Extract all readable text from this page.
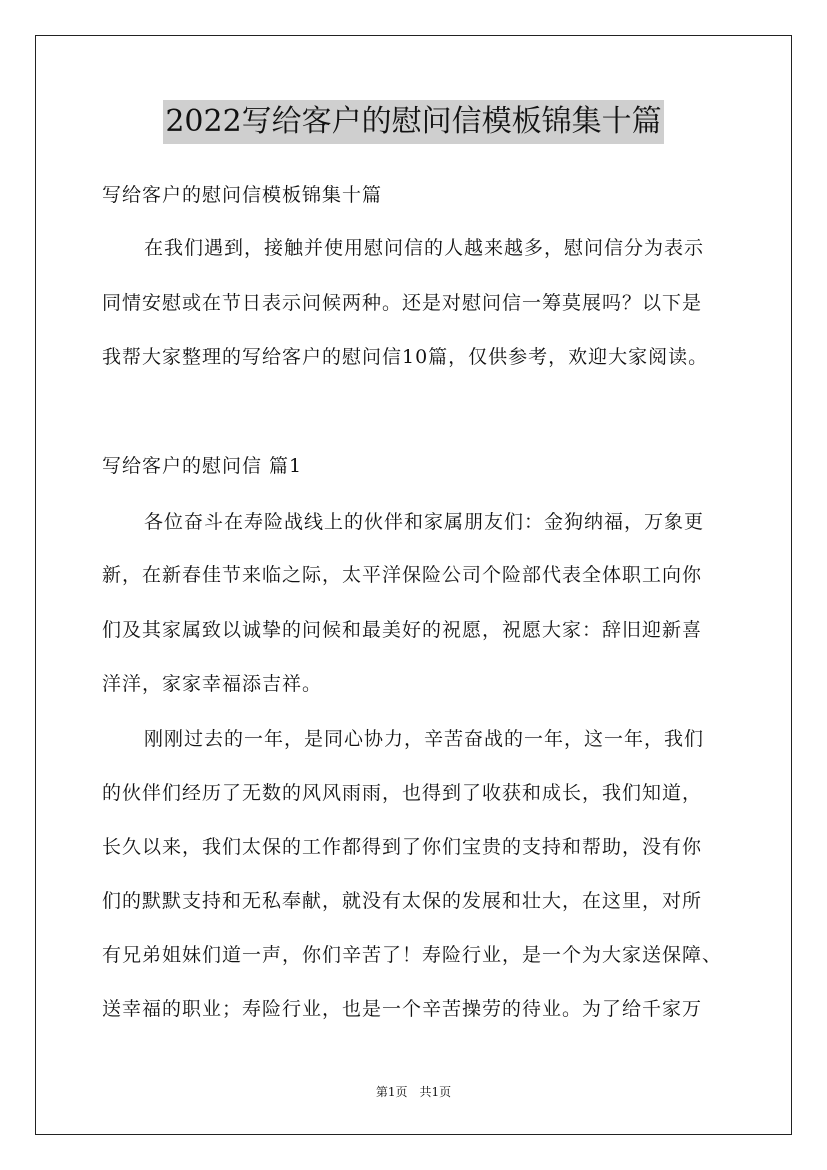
2022写给客户的慰问信模板锦集十篇
写给客户的慰问信模板锦集十篇
在我们遇到，接触并使用慰问信的人越来越多，慰问信分为表示
同情安慰或在节日表示问候两种。还是对慰问信一筹莫展吗？以下是
我帮大家整理的写给客户的慰问信10篇，仅供参考，欢迎大家阅读。
写给客户的慰问信 篇1
各位奋斗在寿险战线上的伙伴和家属朋友们：金狗纳福，万象更
新，在新春佳节来临之际，太平洋保险公司个险部代表全体职工向你
们及其家属致以诚挚的问候和最美好的祝愿，祝愿大家：辞旧迎新喜
洋洋，家家幸福添吉祥。
刚刚过去的一年，是同心协力，辛苦奋战的一年，这一年，我们
的伙伴们经历了无数的风风雨雨，也得到了收获和成长，我们知道，
长久以来，我们太保的工作都得到了你们宝贵的支持和帮助，没有你
们的默默支持和无私奉献，就没有太保的发展和壮大，在这里，对所
有兄弟姐妹们道一声，你们辛苦了！寿险行业，是一个为大家送保障、
送幸福的职业；寿险行业，也是一个辛苦操劳的待业。为了给千家万
第1页　共1页
